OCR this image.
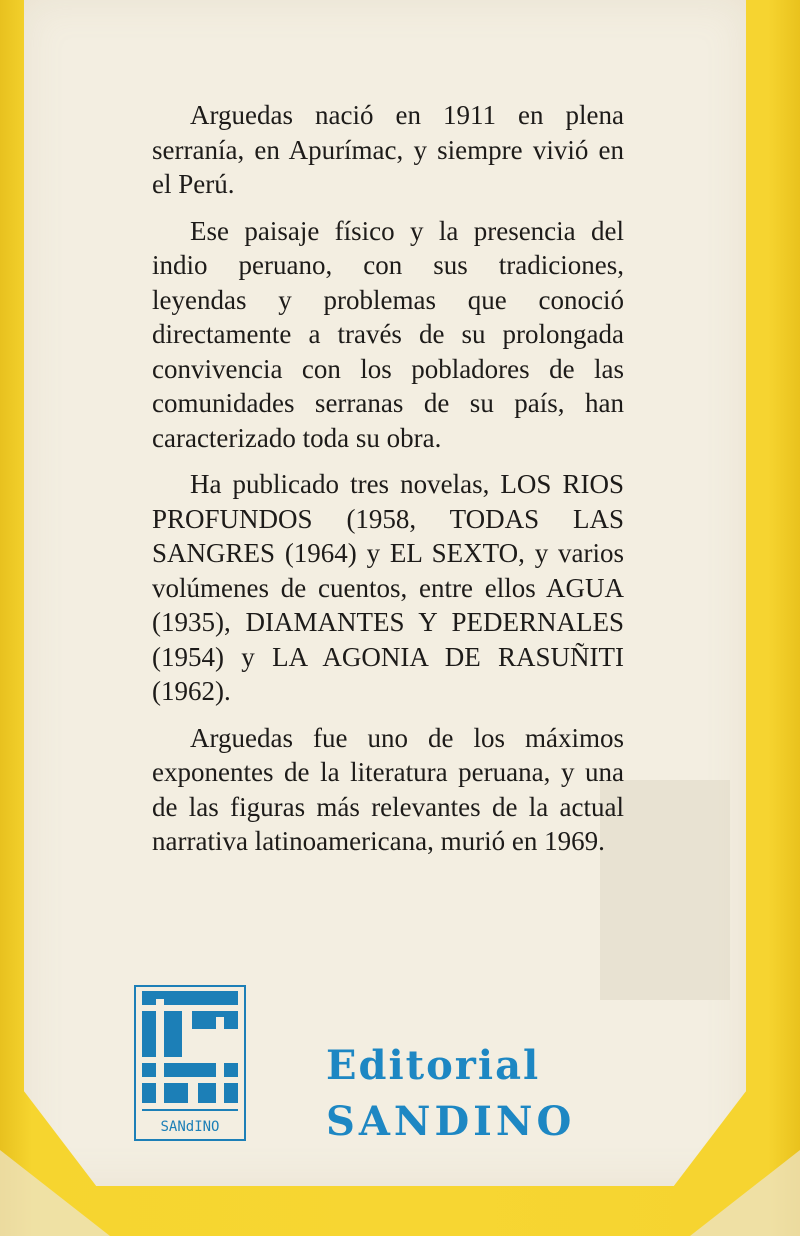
Arguedas nació en 1911 en plena serranía, en Apurímac, y siempre vivió en el Perú.

Ese paisaje físico y la presencia del indio peruano, con sus tradiciones, leyendas y problemas que conoció directamente a través de su prolongada convivencia con los pobladores de las comunidades serranas de su país, han caracterizado toda su obra.

Ha publicado tres novelas, LOS RIOS PROFUNDOS (1958, TODAS LAS SANGRES (1964) y EL SEXTO, y varios volúmenes de cuentos, entre ellos AGUA (1935), DIAMANTES Y PEDERNALES (1954) y LA AGONIA DE RASUÑITI (1962).

Arguedas fue uno de los máximos exponentes de la literatura peruana, y una de las figuras más relevantes de la actual narrativa latinoamericana, murió en 1969.

SANdINO
Editorial
SANDINO
